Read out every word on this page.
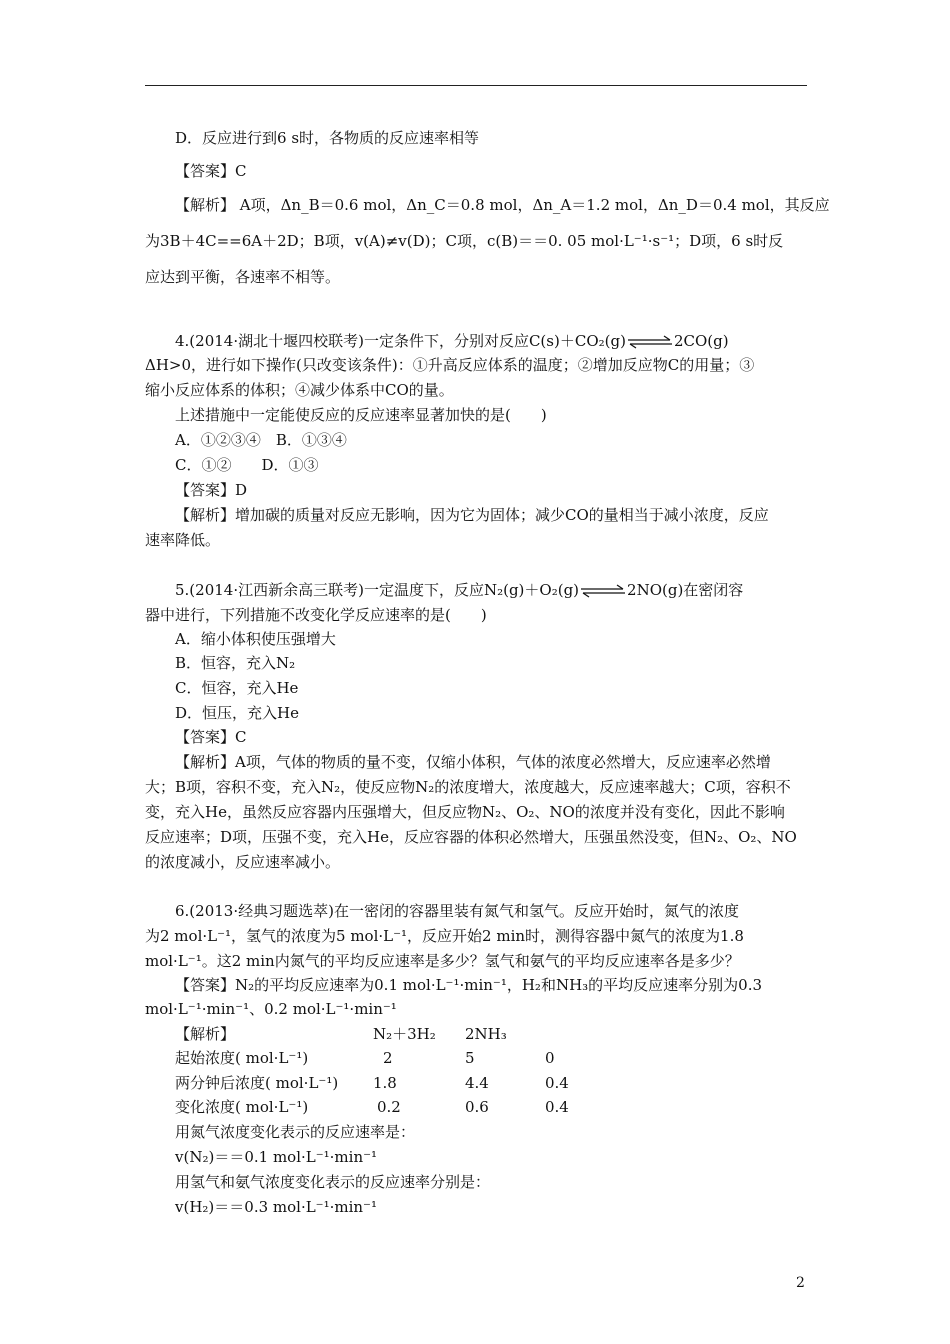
D．反应进行到6 s时，各物质的反应速率相等
【答案】C
【解析】 A项，Δn_B＝0.6 mol，Δn_C＝0.8 mol，Δn_A＝1.2 mol，Δn_D＝0.4 mol，其反应
为3B＋4C==6A＋2D；B项，v(A)≠v(D)；C项，c(B)＝＝0. 05 mol·L⁻¹·s⁻¹；D项，6 s时反
应达到平衡，各速率不相等。
4.(2014·湖北十堰四校联考)一定条件下，分别对反应C(s)＋CO₂(g)⇌2CO(g)
ΔH>0，进行如下操作(只改变该条件)：①升高反应体系的温度；②增加反应物C的用量；③
缩小反应体系的体积；④减少体系中CO的量。
上述措施中一定能使反应的反应速率显著加快的是(　　)
A．①②③④　B．①③④
C．①②　　D．①③
【答案】D
【解析】增加碳的质量对反应无影响，因为它为固体；减少CO的量相当于减小浓度，反应
速率降低。
5.(2014·江西新余高三联考)一定温度下，反应N₂(g)＋O₂(g)⇌2NO(g)在密闭容
器中进行，下列措施不改变化学反应速率的是(　　)
A．缩小体积使压强增大
B．恒容，充入N₂
C．恒容，充入He
D．恒压，充入He
【答案】C
【解析】A项，气体的物质的量不变，仅缩小体积，气体的浓度必然增大，反应速率必然增
大；B项，容积不变，充入N₂，使反应物N₂的浓度增大，浓度越大，反应速率越大；C项，容积不
变，充入He，虽然反应容器内压强增大，但反应物N₂、O₂、NO的浓度并没有变化，因此不影响
反应速率；D项，压强不变，充入He，反应容器的体积必然增大，压强虽然没变，但N₂、O₂、NO
的浓度减小，反应速率减小。
6.(2013·经典习题选萃)在一密闭的容器里装有氮气和氢气。反应开始时，氮气的浓度
为2 mol·L⁻¹，氢气的浓度为5 mol·L⁻¹，反应开始2 min时，测得容器中氮气的浓度为1.8
mol·L⁻¹。这2 min内氮气的平均反应速率是多少？氢气和氨气的平均反应速率各是多少？
【答案】N₂的平均反应速率为0.1 mol·L⁻¹·min⁻¹，H₂和NH₃的平均反应速率分别为0.3
mol·L⁻¹·min⁻¹、0.2 mol·L⁻¹·min⁻¹
【解析】	N₂＋3H₂ 2NH₃
起始浓度( mol·L⁻¹)	2	5	0
两分钟后浓度( mol·L⁻¹) 1.8	4.4	0.4
变化浓度( mol·L⁻¹)	0.2	0.6	0.4
用氮气浓度变化表示的反应速率是：
v(N₂)＝＝0.1 mol·L⁻¹·min⁻¹
用氢气和氨气浓度变化表示的反应速率分别是：
v(H₂)＝＝0.3 mol·L⁻¹·min⁻¹
2
